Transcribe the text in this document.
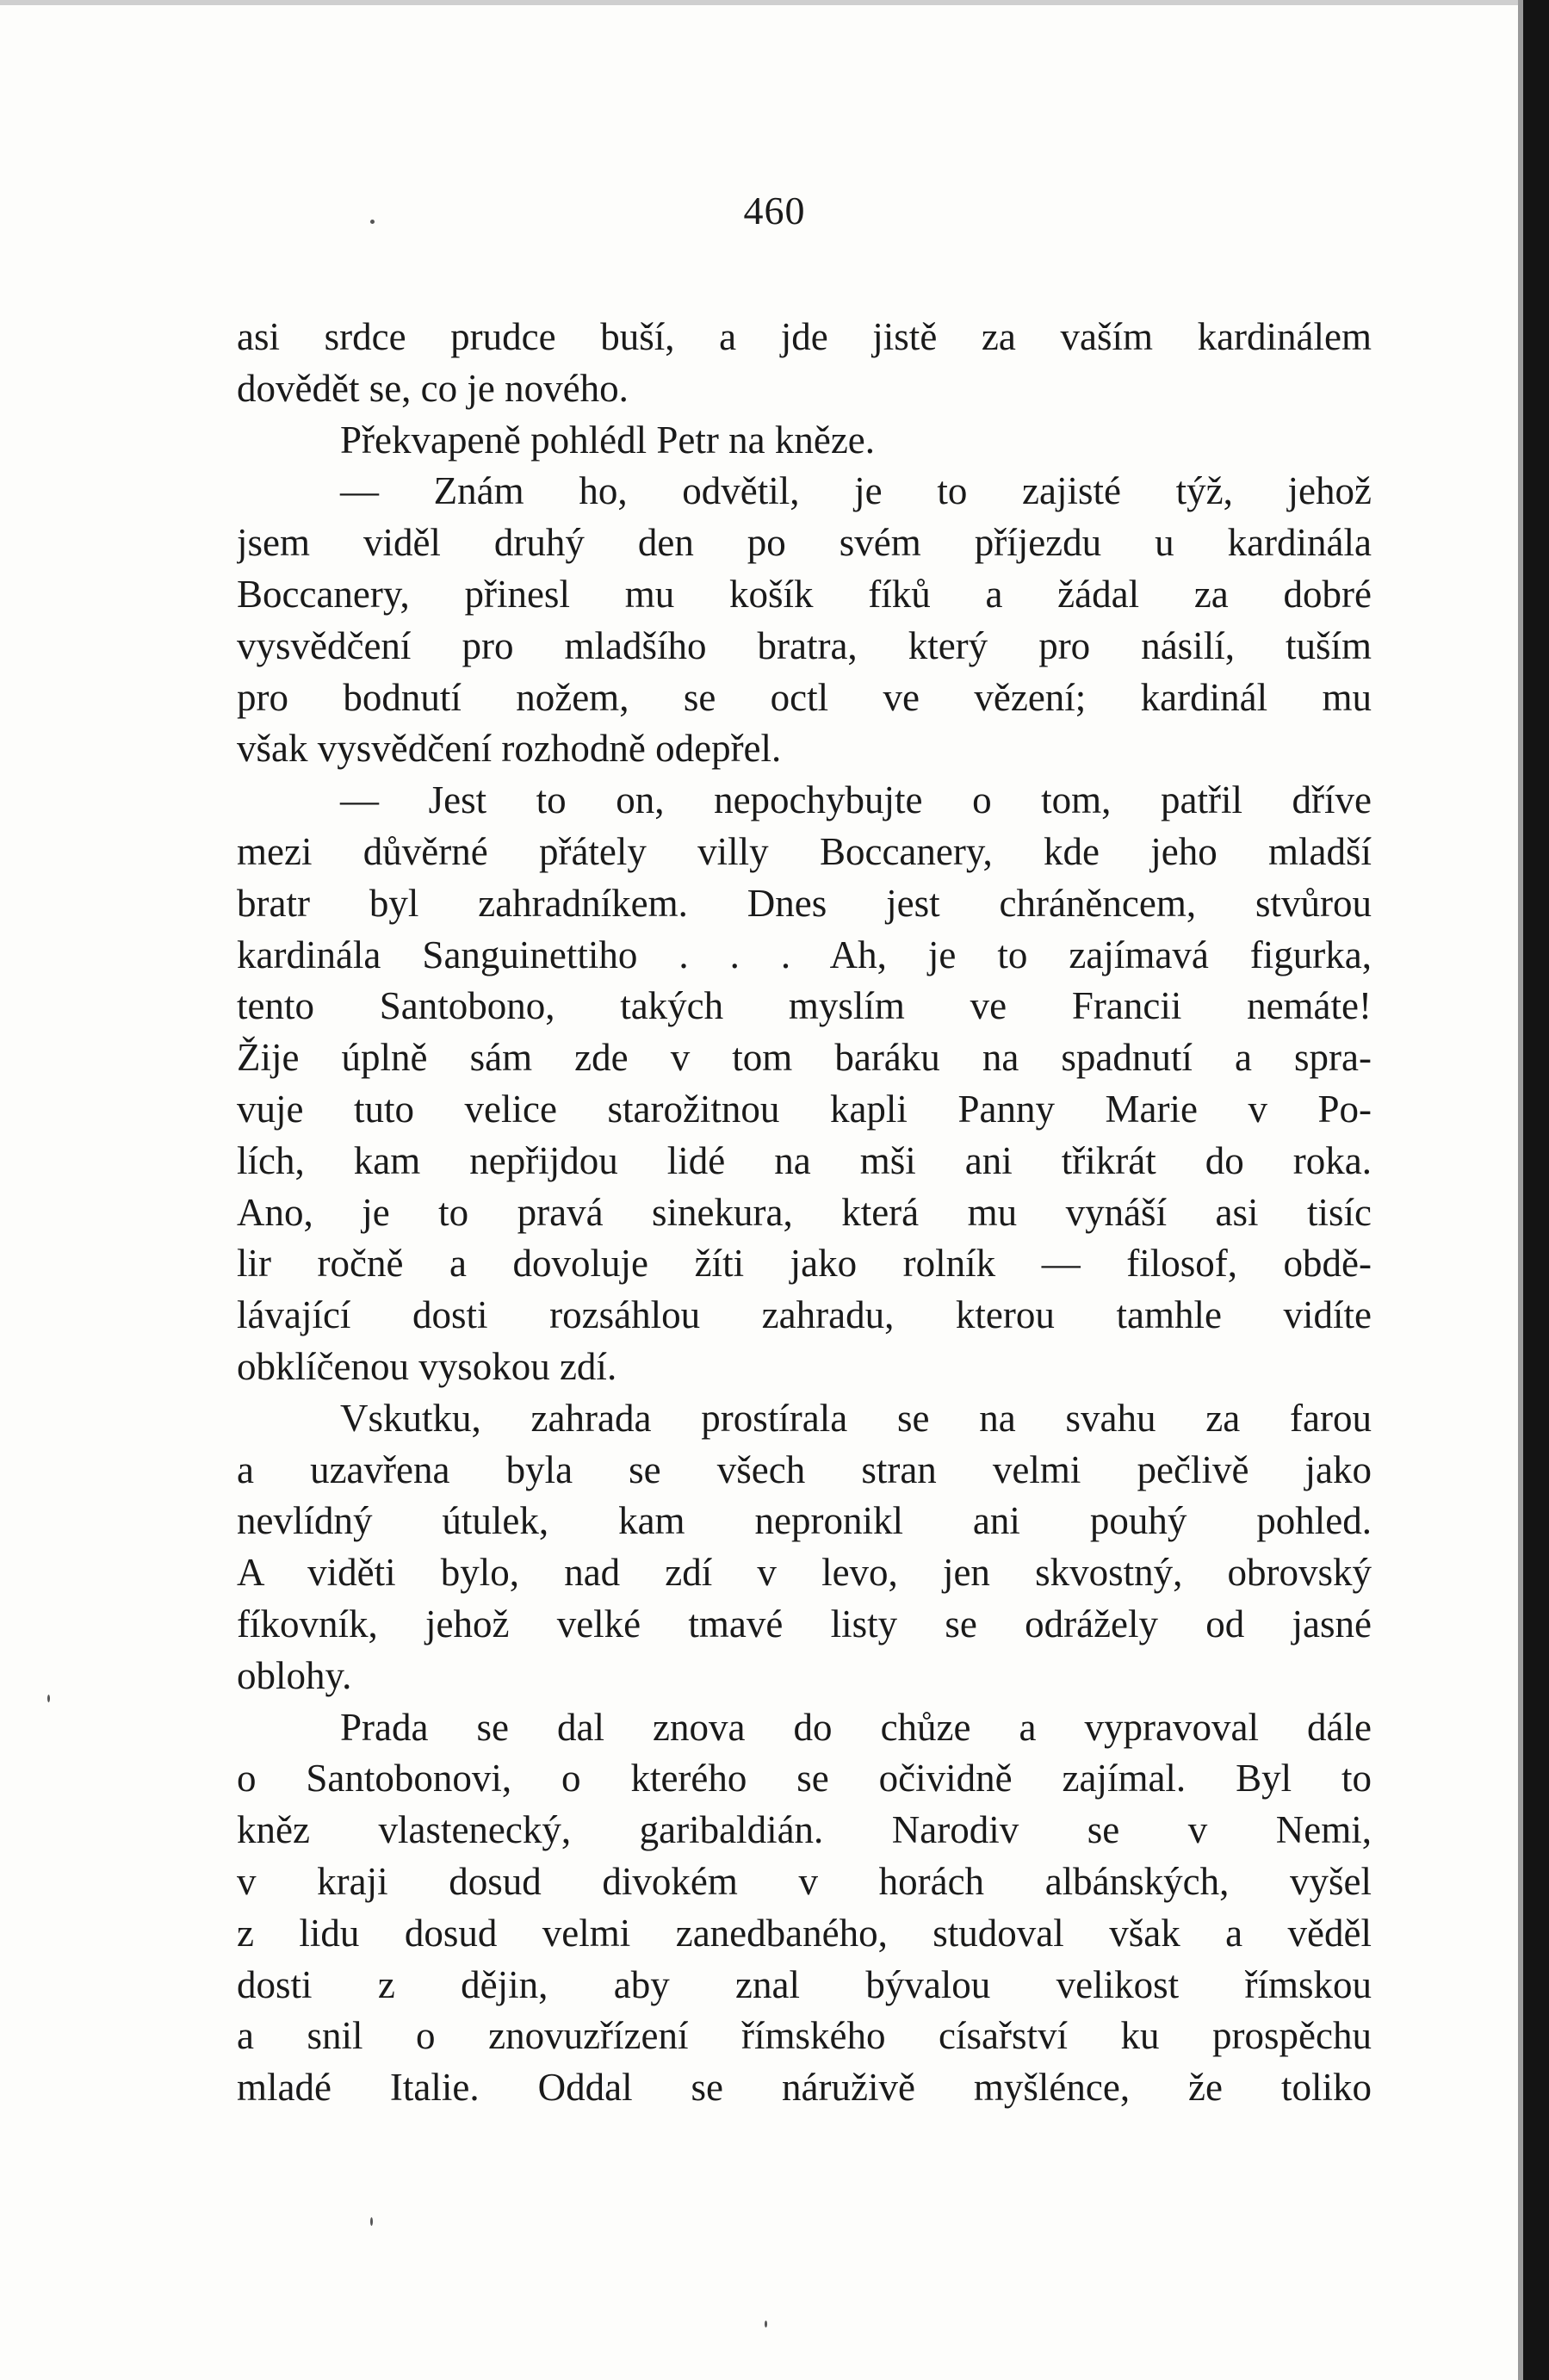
460
asi srdce prudce buší, a jde jistě za vaším kardinálem
dovědět se, co je nového.
Překvapeně pohlédl Petr na kněze.
— Znám ho, odvětil, je to zajisté týž, jehož
jsem viděl druhý den po svém příjezdu u kardinála
Boccanery, přinesl mu košík fíků a žádal za dobré
vysvědčení pro mladšího bratra, který pro násilí, tuším
pro bodnutí nožem, se octl ve vězení; kardinál mu
však vysvědčení rozhodně odepřel.
— Jest to on, nepochybujte o tom, patřil dříve
mezi důvěrné přátely villy Boccanery, kde jeho mladší
bratr byl zahradníkem. Dnes jest chráněncem, stvůrou
kardinála Sanguinettiho . . . Ah, je to zajímavá figurka,
tento Santobono, takých myslím ve Francii nemáte!
Žije úplně sám zde v tom baráku na spadnutí a spra-
vuje tuto velice starožitnou kapli Panny Marie v Po-
lích, kam nepřijdou lidé na mši ani třikrát do roka.
Ano, je to pravá sinekura, která mu vynáší asi tisíc
lir ročně a dovoluje žíti jako rolník — filosof, obdě-
lávající dosti rozsáhlou zahradu, kterou tamhle vidíte
obklíčenou vysokou zdí.
Vskutku, zahrada prostírala se na svahu za farou
a uzavřena byla se všech stran velmi pečlivě jako
nevlídný útulek, kam nepronikl ani pouhý pohled.
A viděti bylo, nad zdí v levo, jen skvostný, obrovský
fíkovník, jehož velké tmavé listy se odrážely od jasné
oblohy.
Prada se dal znova do chůze a vypravoval dále
o Santobonovi, o kterého se očividně zajímal. Byl to
kněz vlastenecký, garibaldián. Narodiv se v Nemi,
v kraji dosud divokém v horách albánských, vyšel
z lidu dosud velmi zanedbaného, studoval však a věděl
dosti z dějin, aby znal bývalou velikost římskou
a snil o znovuzřízení římského císařství ku prospěchu
mladé Italie. Oddal se náruživě myšlénce, že toliko
